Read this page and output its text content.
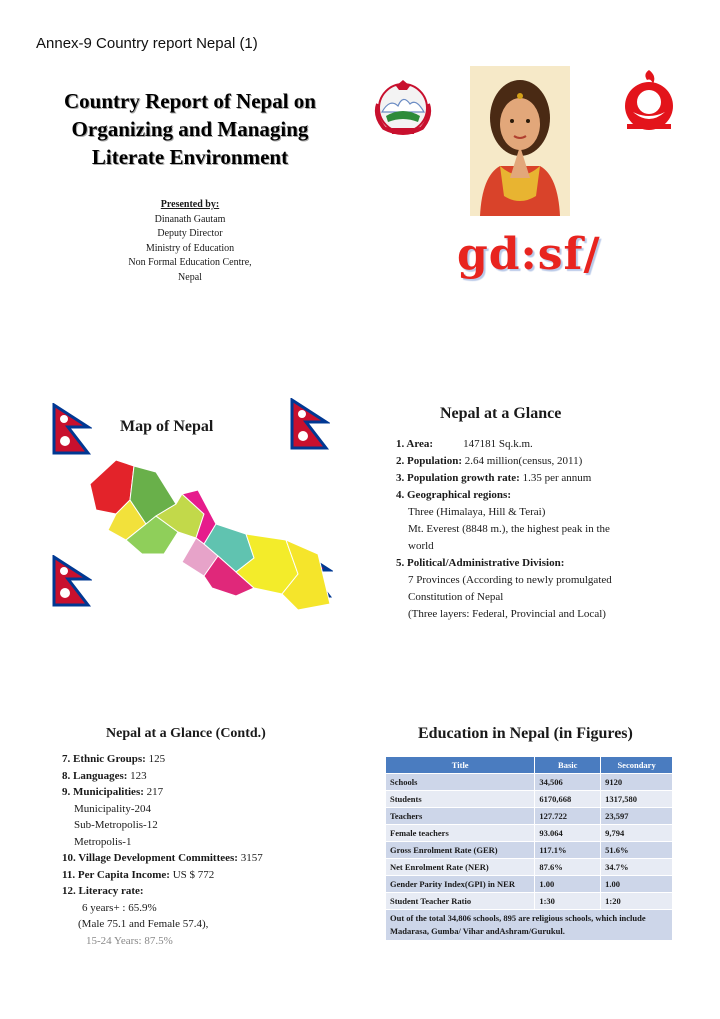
Annex-9 Country report Nepal (1)
Country Report of Nepal on
Organizing and Managing
Literate Environment
Presented by:
Dinanath Gautam
Deputy Director
Ministry of Education
Non Formal Education Centre,
Nepal	gd:sf/
Map of Nepal
Nepal at a Glance
1. Area:	147181 Sq.k.m.
2. Population: 2.64 million(census, 2011)
3. Population growth rate: 1.35 per annum
4. Geographical regions:
Three (Himalaya, Hill & Terai)
Mt. Everest (8848 m.), the highest peak in the
world
5. Political/Administrative Division:
7 Provinces (According to newly promulgated
Constitution of Nepal
(Three layers: Federal, Provincial and Local)
Nepal at a Glance (Contd.)
7. Ethnic Groups: 125
8. Languages: 123
9. Municipalities: 217
Municipality-204
Sub-Metropolis-12
Metropolis-1
10. Village Development Committees: 3157
11. Per Capita Income: US $ 772
12. Literacy rate:
6 years+ : 65.9%
(Male 75.1 and Female 57.4),
15-24 Years: 87.5%
Education in Nepal (in Figures)
Title	Basic	Secondary
Schools	34,506	9120
Students	6170,668	1317,580
Teachers	127.722	23,597
Female teachers	93.064	9,794
Gross Enrolment Rate (GER)	117.1%	51.6%
Net Enrolment Rate (NER)	87.6%	34.7%
Gender Parity Index(GPI) in NER	1.00	1.00
Student Teacher Ratio	1:30	1:20
Out of the total 34,806 schools, 895 are religious schools, which include Madarasa, Gumba/ Vihar andAshram/Gurukul.		
